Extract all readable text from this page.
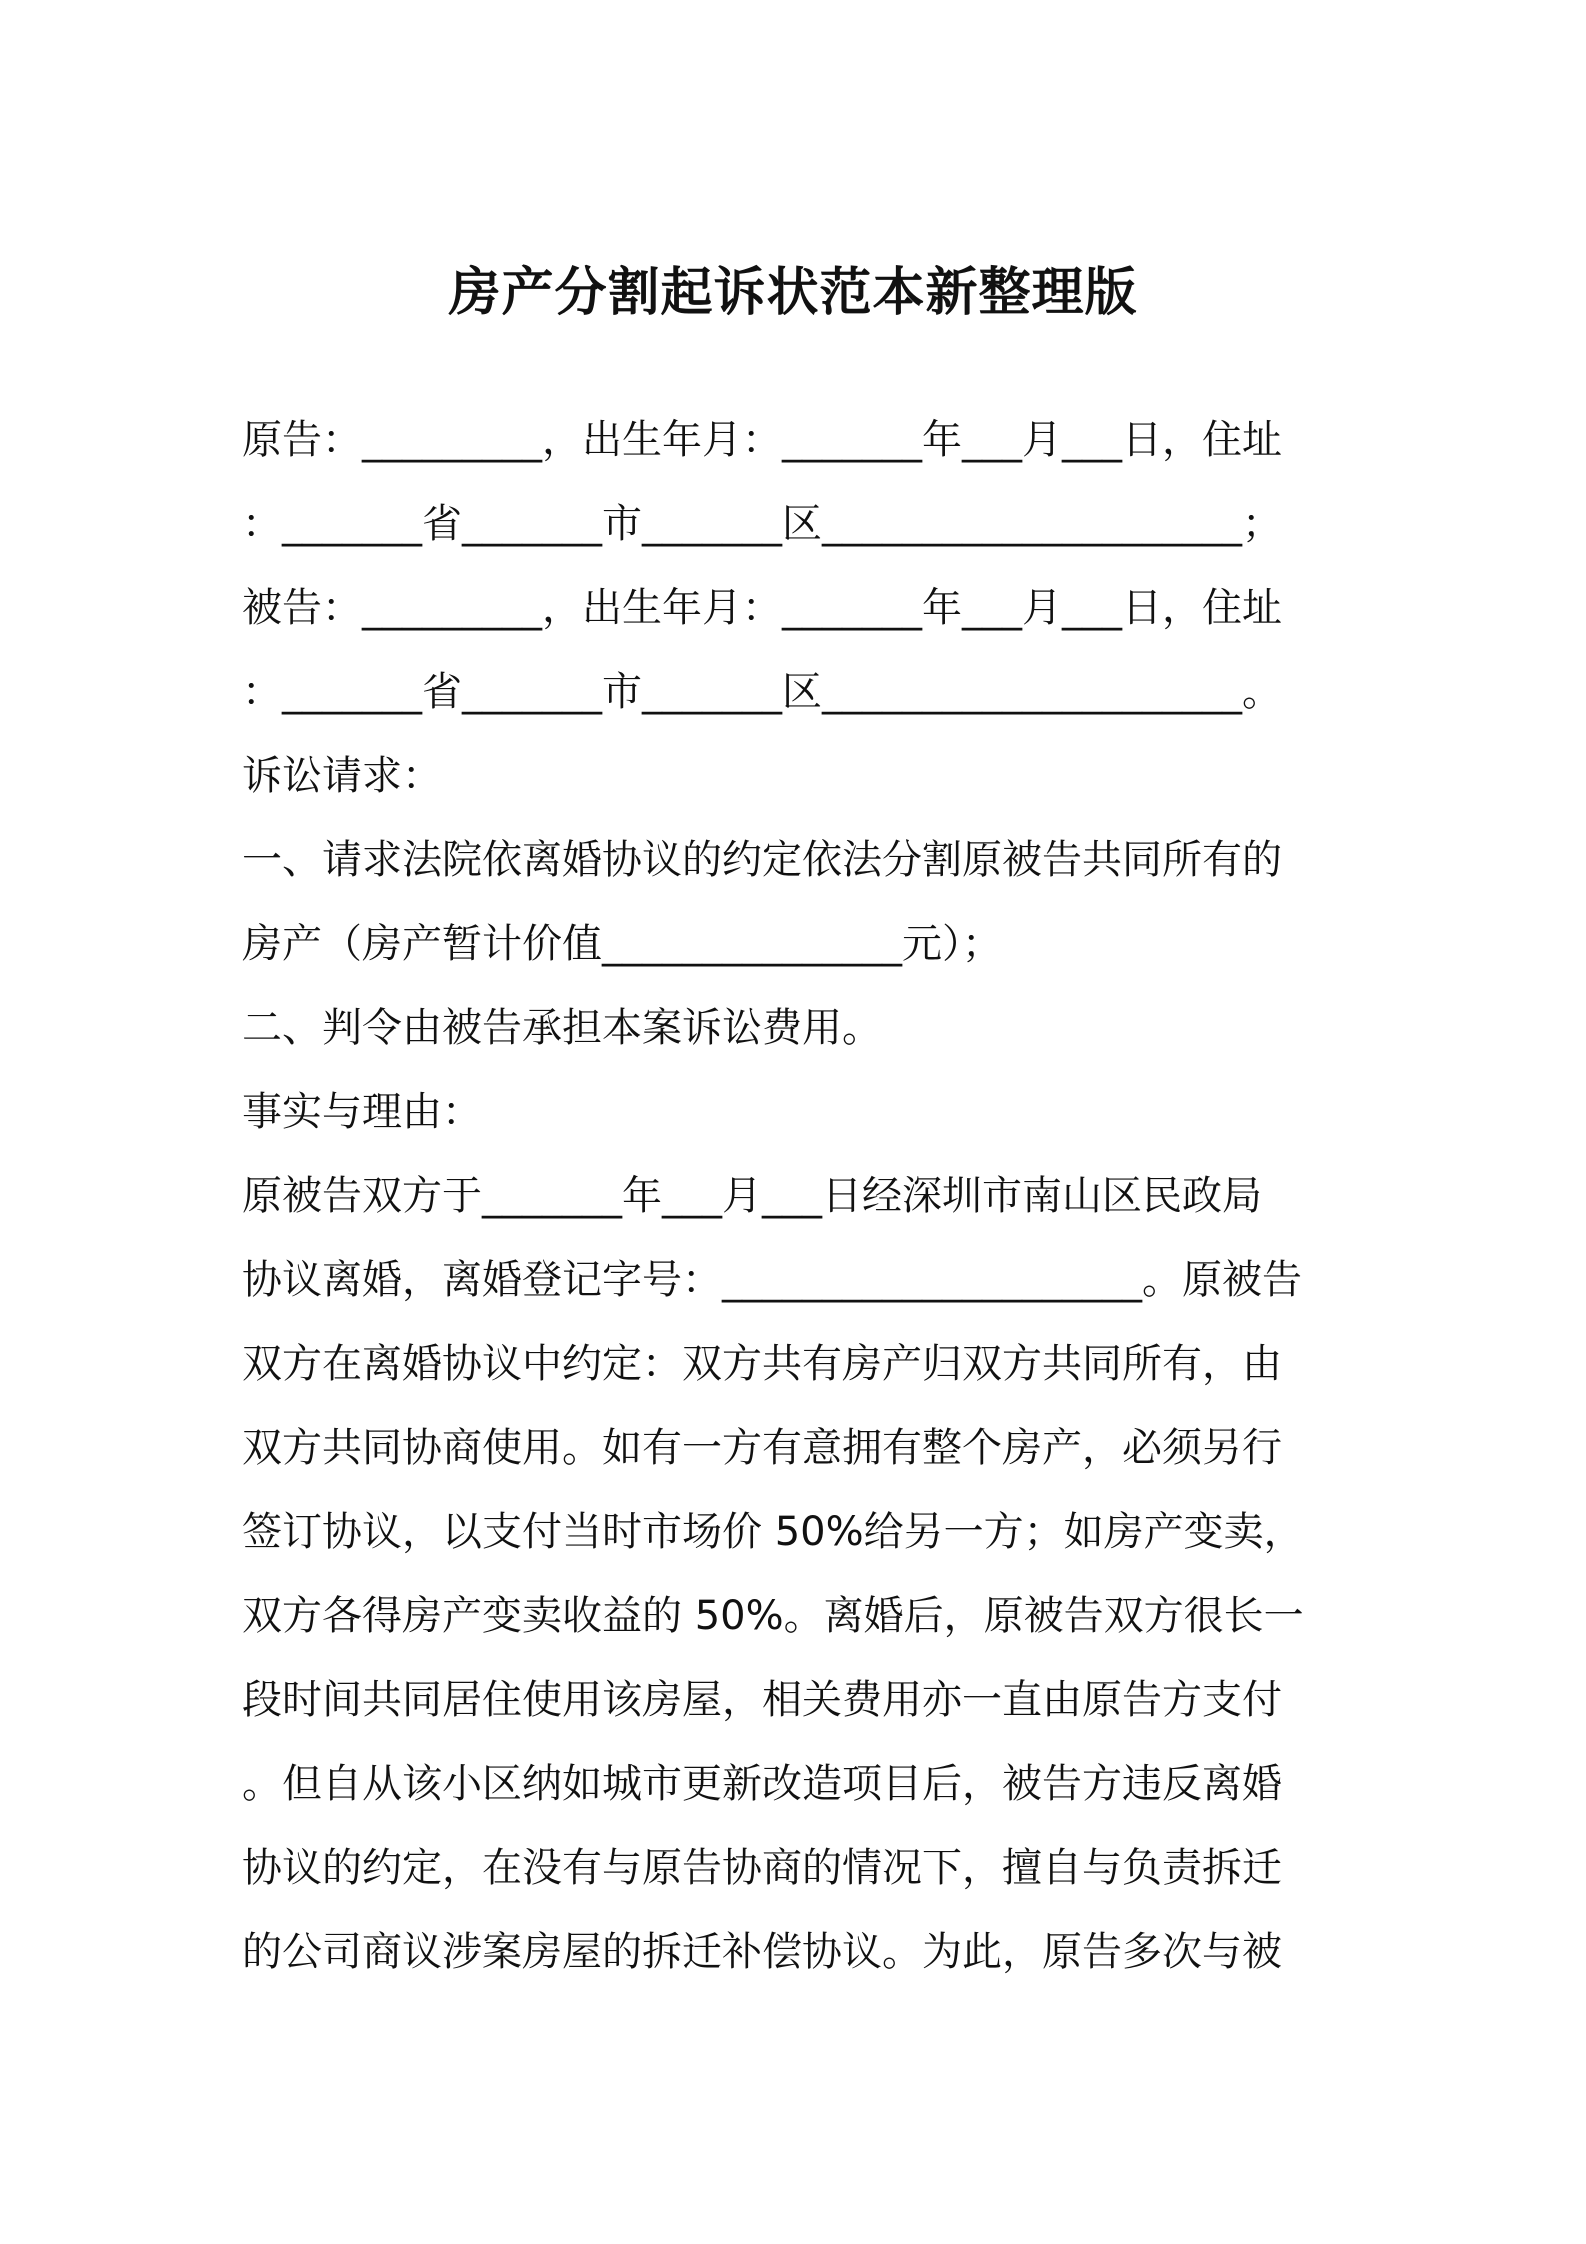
房产分割起诉状范本新整理版
原告：_________，出生年月：_______年___月___日，住址
：_______省_______市_______区_____________________；
被告：_________，出生年月：_______年___月___日，住址
：_______省_______市_______区_____________________。
诉讼请求：
一、请求法院依离婚协议的约定依法分割原被告共同所有的
房产（房产暂计价值_______________元）；
二、判令由被告承担本案诉讼费用。
事实与理由：
原被告双方于_______年___月___日经深圳市南山区民政局
协议离婚，离婚登记字号：_____________________。原被告
双方在离婚协议中约定：双方共有房产归双方共同所有，由
双方共同协商使用。如有一方有意拥有整个房产，必须另行
签订协议，以支付当时市场价 50%给另一方；如房产变卖，
双方各得房产变卖收益的 50%。离婚后，原被告双方很长一
段时间共同居住使用该房屋，相关费用亦一直由原告方支付
。但自从该小区纳如城市更新改造项目后，被告方违反离婚
协议的约定，在没有与原告协商的情况下，擅自与负责拆迁
的公司商议涉案房屋的拆迁补偿协议。为此，原告多次与被
